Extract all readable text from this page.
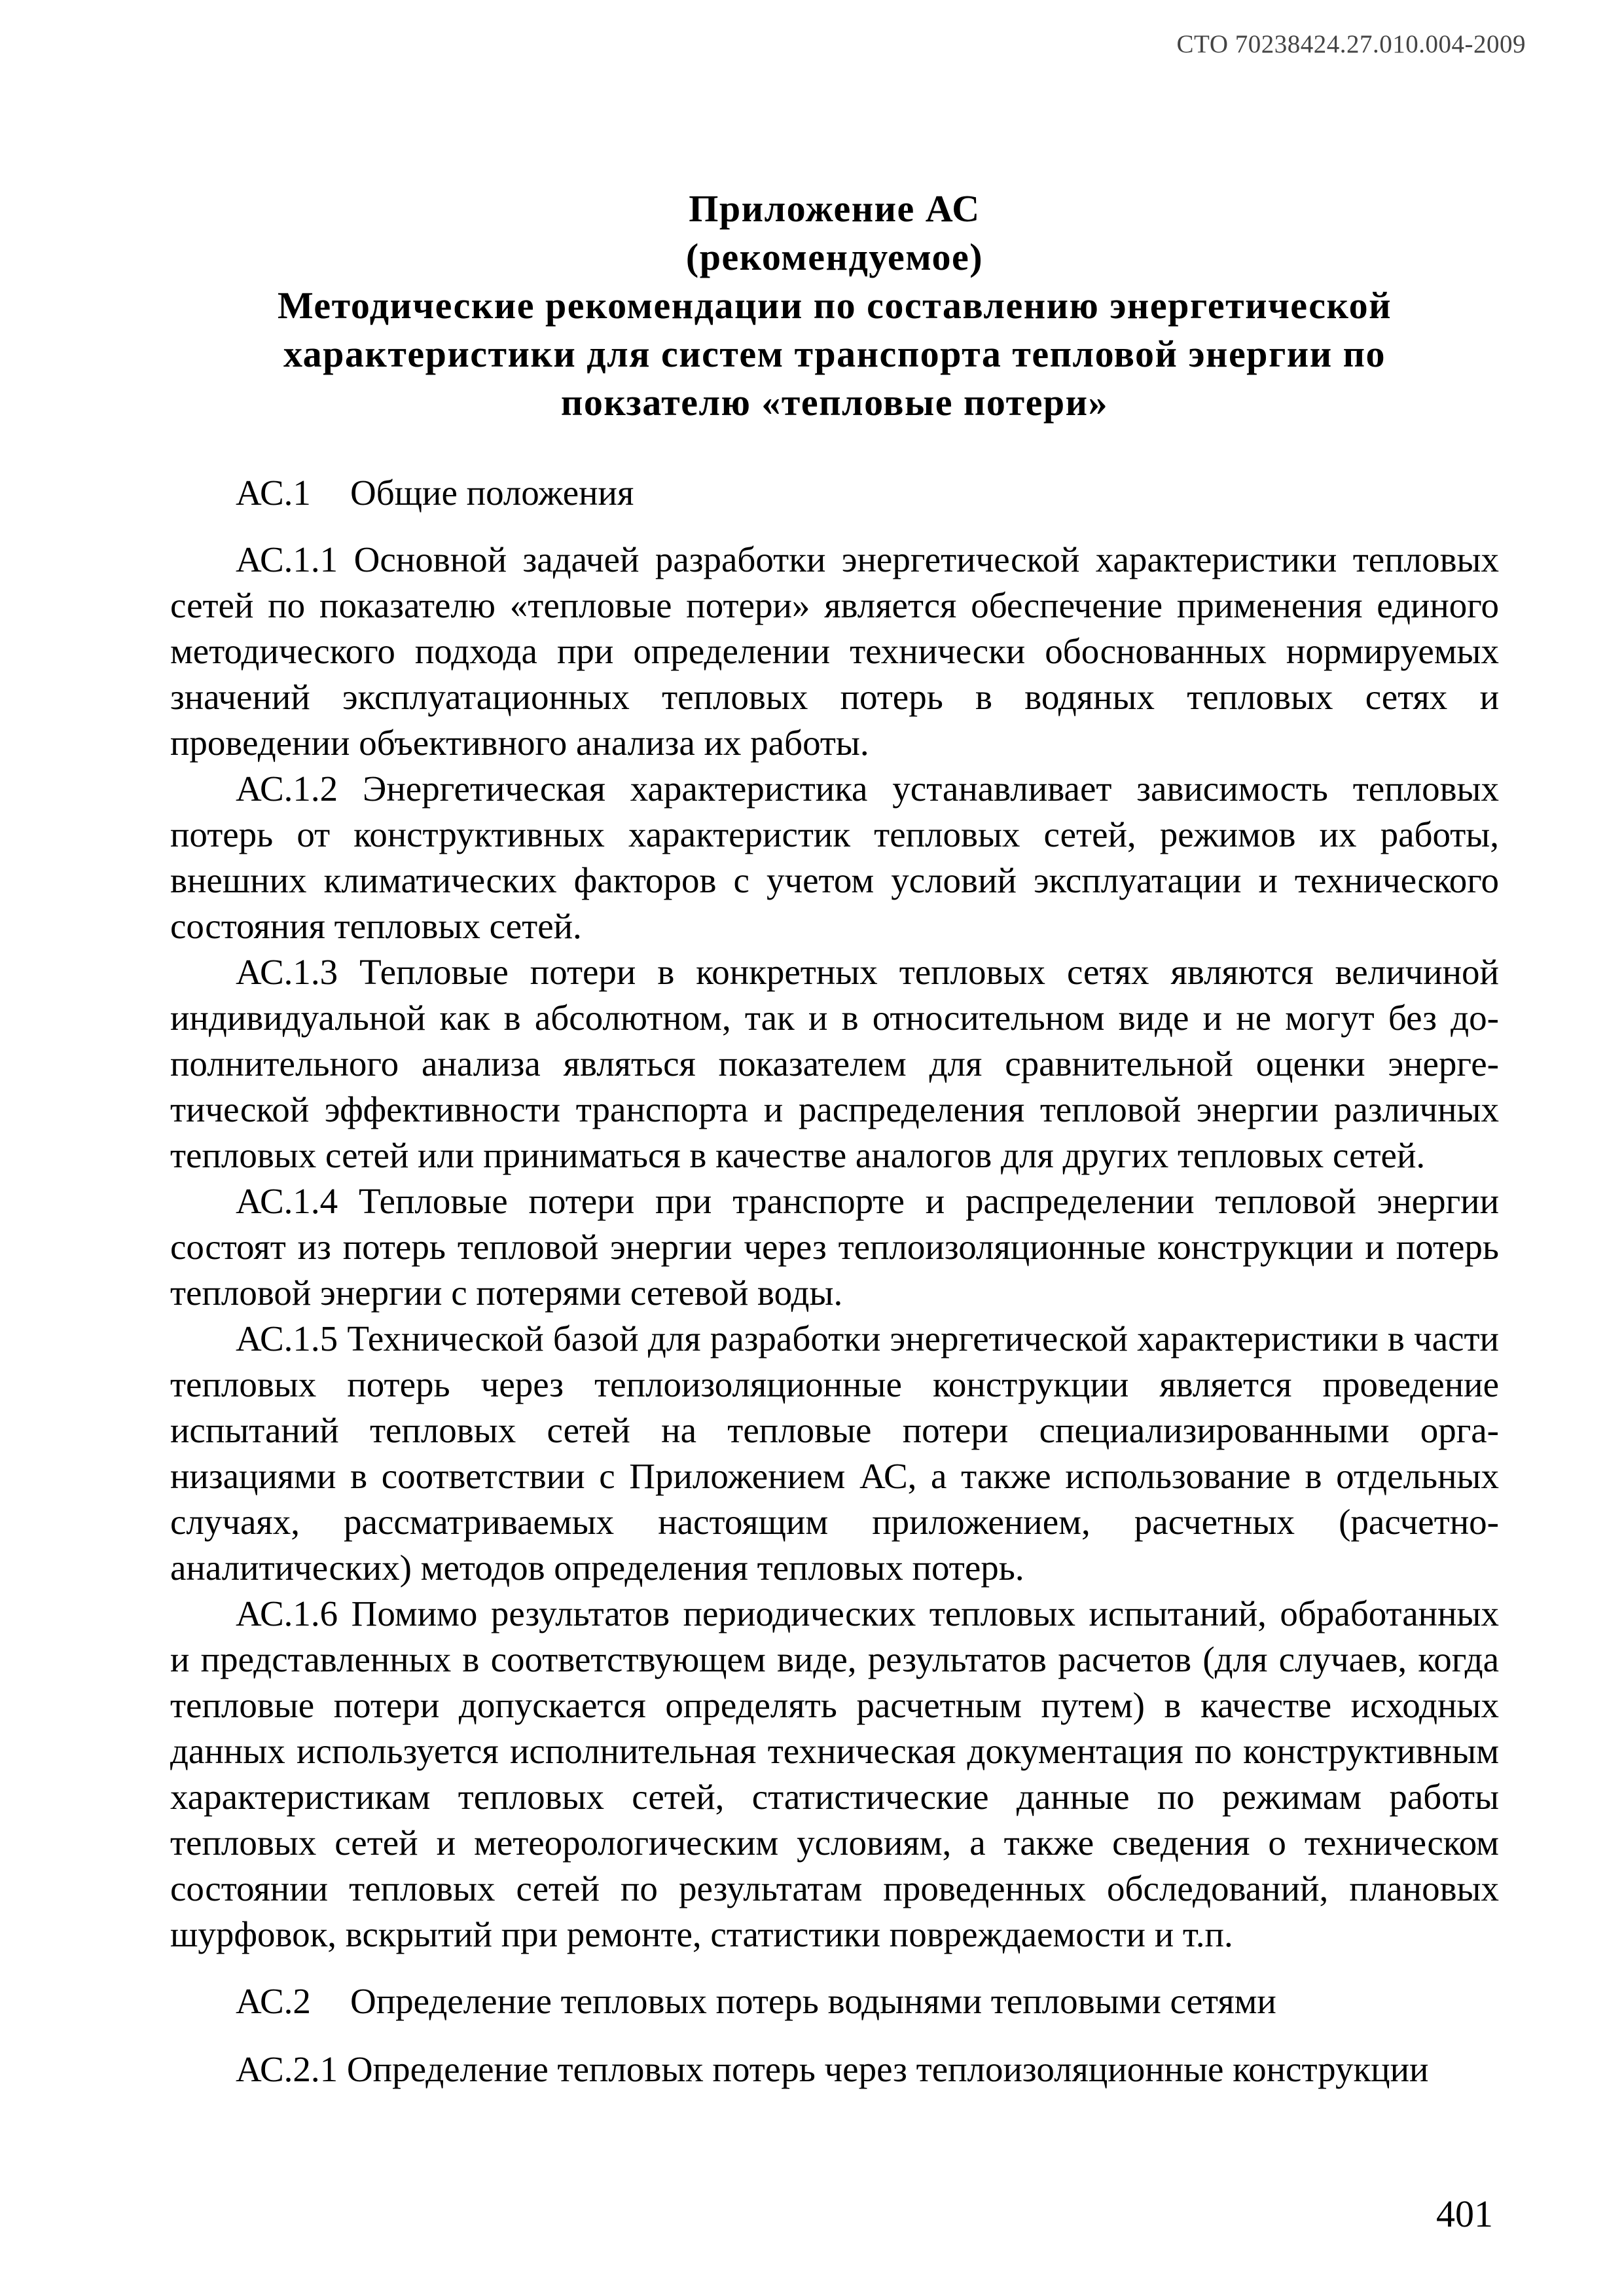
СТО 70238424.27.010.004-2009
Приложение АС
(рекомендуемое)
Методические рекомендации по составлению энергетической
характеристики для систем транспорта тепловой энергии по
покзателю «тепловые потери»

АС.1 Общие положения

АС.1.1 Основной задачей разработки энергетической характеристики тепловых сетей по показателю «тепловые потери» является обеспечение применения единого методического подхода при определении технически обоснованных нормируемых значений эксплуатационных тепловых потерь в водяных тепловых сетях и проведении объективного анализа их работы.

АС.1.2 Энергетическая характеристика устанавливает зависимость тепловых потерь от конструктивных характеристик тепловых сетей, режимов их работы, внешних климатических факторов с учетом условий эксплуатации и технического состояния тепловых сетей.

АС.1.3 Тепловые потери в конкретных тепловых сетях являются величиной индивидуальной как в абсолютном, так и в относительном виде и не могут без дополнительного анализа являться показателем для сравнительной оценки энергетической эффективности транспорта и распределения тепловой энергии различных тепловых сетей или приниматься в качестве аналогов для других тепловых сетей.

АС.1.4 Тепловые потери при транспорте и распределении тепловой энергии состоят из потерь тепловой энергии через теплоизоляционные конструкции и потерь тепловой энергии с потерями сетевой воды.

АС.1.5 Технической базой для разработки энергетической характеристики в части тепловых потерь через теплоизоляционные конструкции является проведение испытаний тепловых сетей на тепловые потери специализированными организациями в соответствии с Приложением АС, а также использование в отдельных случаях, рассматриваемых настоящим приложением, расчетных (расчетно-аналитических) методов определения тепловых потерь.

АС.1.6 Помимо результатов периодических тепловых испытаний, обработанных и представленных в соответствующем виде, результатов расчетов (для случаев, когда тепловые потери допускается определять расчетным путем) в качестве исходных данных используется исполнительная техническая документация по конструктивным характеристикам тепловых сетей, статистические данные по режимам работы тепловых сетей и метеорологическим условиям, а также сведения о техническом состоянии тепловых сетей по результатам проведенных обследований, плановых шурфовок, вскрытий при ремонте, статистики повреждаемости и т.п.

АС.2 Определение тепловых потерь водынями тепловыми сетями

АС.2.1 Определение тепловых потерь через теплоизоляционные конструкции

401
